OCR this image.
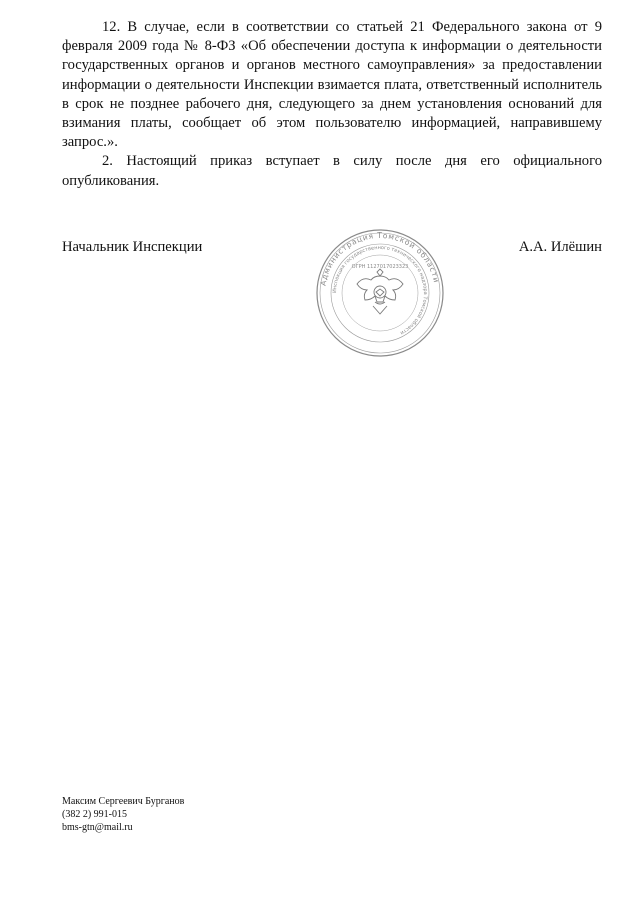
12. В случае, если в соответствии со статьей 21 Федерального закона от 9 февраля 2009 года № 8-ФЗ «Об обеспечении доступа к информации о деятельности государственных органов и органов местного самоуправления» за предоставлении информации о деятельности Инспекции взимается плата, ответственный исполнитель в срок не позднее рабочего дня, следующего за днем установления оснований для взимания платы, сообщает об этом пользователю информацией, направившему запрос.».

2. Настоящий приказ вступает в силу после дня его официального опубликования.

Начальник Инспекции	А.А. Илёшин
Администрация Томской области
Инспекция государственного технического надзора Томской области
ОГРН 1127017023323
Максим Сергеевич Бурганов
(382 2) 991-015
bms-gtn@mail.ru
